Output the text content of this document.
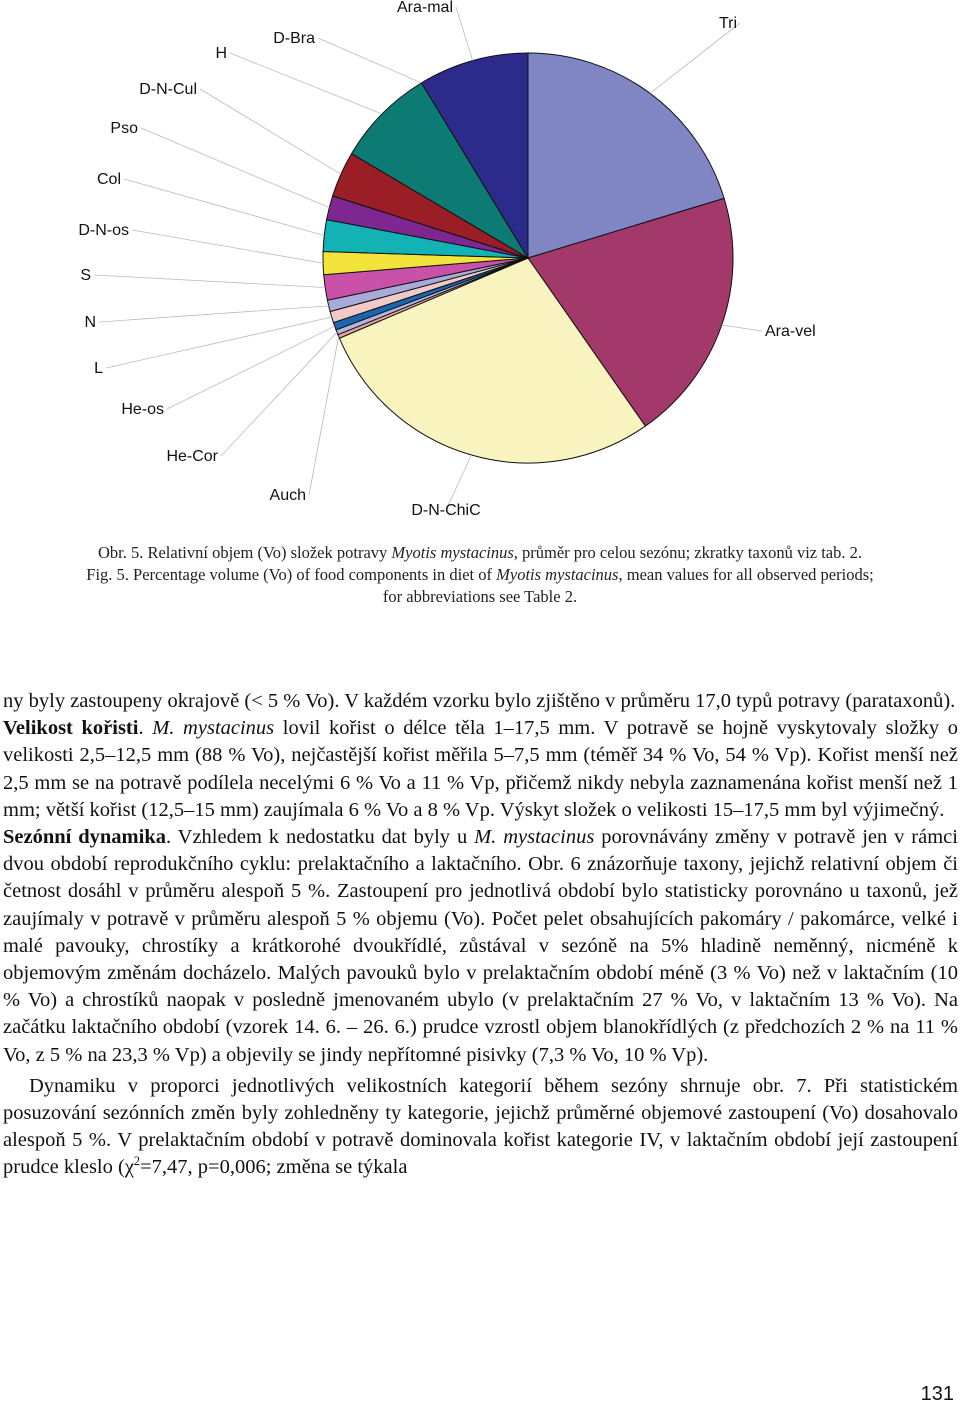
Tri
Ara-vel
D-N-ChiC
Auch
He-Cor
He-os
L
N
S
D-N-os
Col
Pso
D-N-Cul
H
D-Bra
Ara-mal
Obr. 5. Relativní objem (Vo) složek potravy Myotis mystacinus, průměr pro celou sezónu; zkratky taxonů viz tab. 2.
Fig. 5. Percentage volume (Vo) of food components in diet of Myotis mystacinus, mean values for all observed periods;
for abbreviations see Table 2.

ny byly zastoupeny okrajově (< 5 % Vo). V každém vzorku bylo zjištěno v průměru 17,0 typů potravy (parataxonů).

Velikost kořisti. M. mystacinus lovil kořist o délce těla 1–17,5 mm. V potravě se hojně vyskytovaly složky o velikosti 2,5–12,5 mm (88 % Vo), nejčastější kořist měřila 5–7,5 mm (téměř 34 % Vo, 54 % Vp). Kořist menší než 2,5 mm se na potravě podílela necelými 6 % Vo a 11 % Vp, přičemž nikdy nebyla zaznamenána kořist menší než 1 mm; větší kořist (12,5–15 mm) zaujímala 6 % Vo a 8 % Vp. Výskyt složek o velikosti 15–17,5 mm byl výjimečný.

Sezónní dynamika. Vzhledem k nedostatku dat byly u M. mystacinus porovnávány změny v potravě jen v rámci dvou období reprodukčního cyklu: prelaktačního a laktačního. Obr. 6 znázorňuje taxony, jejichž relativní objem či četnost dosáhl v průměru alespoň 5 %. Zastoupení pro jednotlivá období bylo statisticky porovnáno u taxonů, jež zaujímaly v potravě v průměru alespoň 5 % objemu (Vo). Počet pelet obsahujících pakomáry / pakomárce, velké i malé pavouky, chrostíky a krátkorohé dvoukřídlé, zůstával v sezóně na 5% hladině neměnný, nicméně k objemovým změnám docházelo. Malých pavouků bylo v prelaktačním období méně (3 % Vo) než v laktačním (10 % Vo) a chrostíků naopak v posledně jmenovaném ubylo (v prelaktačním 27 % Vo, v laktačním 13 % Vo). Na začátku laktačního období (vzorek 14. 6. – 26. 6.) prudce vzrostl objem blanokřídlých (z předchozích 2 % na 11 % Vo, z 5 % na 23,3 % Vp) a objevily se jindy nepřítomné pisivky (7,3 % Vo, 10 % Vp).

Dynamiku v proporci jednotlivých velikostních kategorií během sezóny shrnuje obr. 7. Při statistickém posuzování sezónních změn byly zohledněny ty kategorie, jejichž průměrné objemové zastoupení (Vo) dosahovalo alespoň 5 %. V prelaktačním období v potravě dominovala kořist kategorie IV, v laktačním období její zastoupení prudce kleslo ($\chi^2=7,47$, p=0,006; změna se týkala

131
